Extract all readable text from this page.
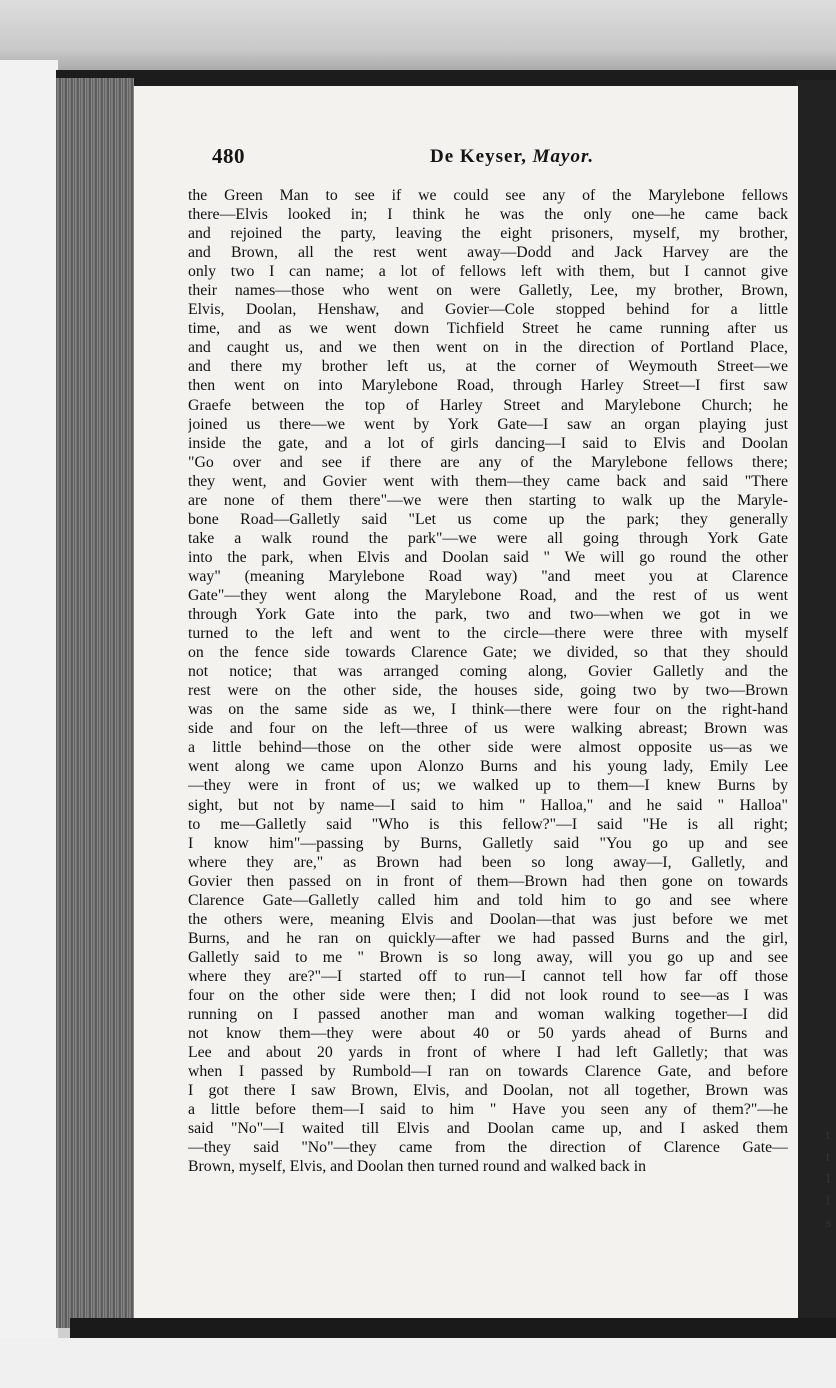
480	De Keyser, Mayor.
the Green Man to see if we could see any of the Marylebone fellows
there—Elvis looked in; I think he was the only one—he came back
and rejoined the party, leaving the eight prisoners, myself, my brother,
and Brown, all the rest went away—Dodd and Jack Harvey are the
only two I can name; a lot of fellows left with them, but I cannot give
their names—those who went on were Galletly, Lee, my brother, Brown,
Elvis, Doolan, Henshaw, and Govier—Cole stopped behind for a little
time, and as we went down Tichfield Street he came running after us
and caught us, and we then went on in the direction of Portland Place,
and there my brother left us, at the corner of Weymouth Street—we
then went on into Marylebone Road, through Harley Street—I first saw
Graefe between the top of Harley Street and Marylebone Church; he
joined us there—we went by York Gate—I saw an organ playing just
inside the gate, and a lot of girls dancing—I said to Elvis and Doolan
"Go over and see if there are any of the Marylebone fellows there;
they went, and Govier went with them—they came back and said "There
are none of them there"—we were then starting to walk up the Maryle-
bone Road—Galletly said "Let us come up the park; they generally
take a walk round the park"—we were all going through York Gate
into the park, when Elvis and Doolan said " We will go round the other
way" (meaning Marylebone Road way) "and meet you at Clarence
Gate"—they went along the Marylebone Road, and the rest of us went
through York Gate into the park, two and two—when we got in we
turned to the left and went to the circle—there were three with myself
on the fence side towards Clarence Gate; we divided, so that they should
not notice; that was arranged coming along, Govier Galletly and the
rest were on the other side, the houses side, going two by two—Brown
was on the same side as we, I think—there were four on the right-hand
side and four on the left—three of us were walking abreast; Brown was
a little behind—those on the other side were almost opposite us—as we
went along we came upon Alonzo Burns and his young lady, Emily Lee
—they were in front of us; we walked up to them—I knew Burns by
sight, but not by name—I said to him " Halloa," and he said " Halloa"
to me—Galletly said "Who is this fellow?"—I said "He is all right;
I know him"—passing by Burns, Galletly said "You go up and see
where they are," as Brown had been so long away—I, Galletly, and
Govier then passed on in front of them—Brown had then gone on towards
Clarence Gate—Galletly called him and told him to go and see where
the others were, meaning Elvis and Doolan—that was just before we met
Burns, and he ran on quickly—after we had passed Burns and the girl,
Galletly said to me " Brown is so long away, will you go up and see
where they are?"—I started off to run—I cannot tell how far off those
four on the other side were then; I did not look round to see—as I was
running on I passed another man and woman walking together—I did
not know them—they were about 40 or 50 yards ahead of Burns and
Lee and about 20 yards in front of where I had left Galletly; that was
when I passed by Rumbold—I ran on towards Clarence Gate, and before
I got there I saw Brown, Elvis, and Doolan, not all together, Brown was
a little before them—I said to him " Have you seen any of them?"—he
said "No"—I waited till Elvis and Doolan came up, and I asked them
—they said "No"—they came from the direction of Clarence Gate—
Brown, myself, Elvis, and Doolan then turned round and walked back in
t
t
I
l
s
